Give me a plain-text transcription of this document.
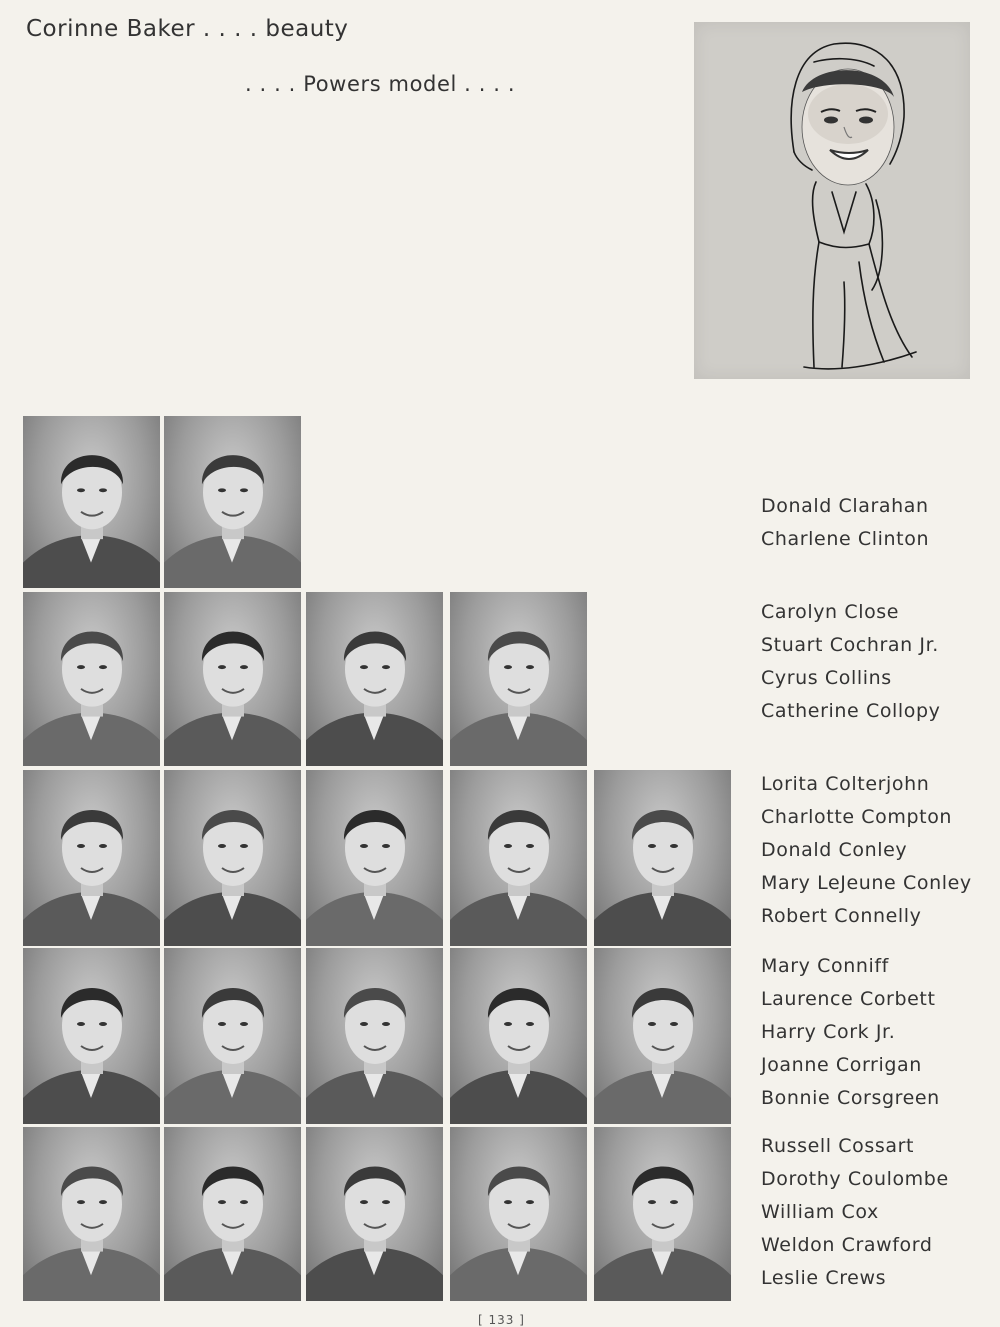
Corinne Baker . . . . beauty
. . . . Powers model . . . .
Donald Clarahan
Charlene Clinton
Carolyn Close
Stuart Cochran Jr.
Cyrus Collins
Catherine Collopy
Lorita Colterjohn
Charlotte Compton
Donald Conley
Mary LeJeune Conley
Robert Connelly
Mary Conniff
Laurence Corbett
Harry Cork Jr.
Joanne Corrigan
Bonnie Corsgreen
Russell Cossart
Dorothy Coulombe
William Cox
Weldon Crawford
Leslie Crews
[ 133 ]
